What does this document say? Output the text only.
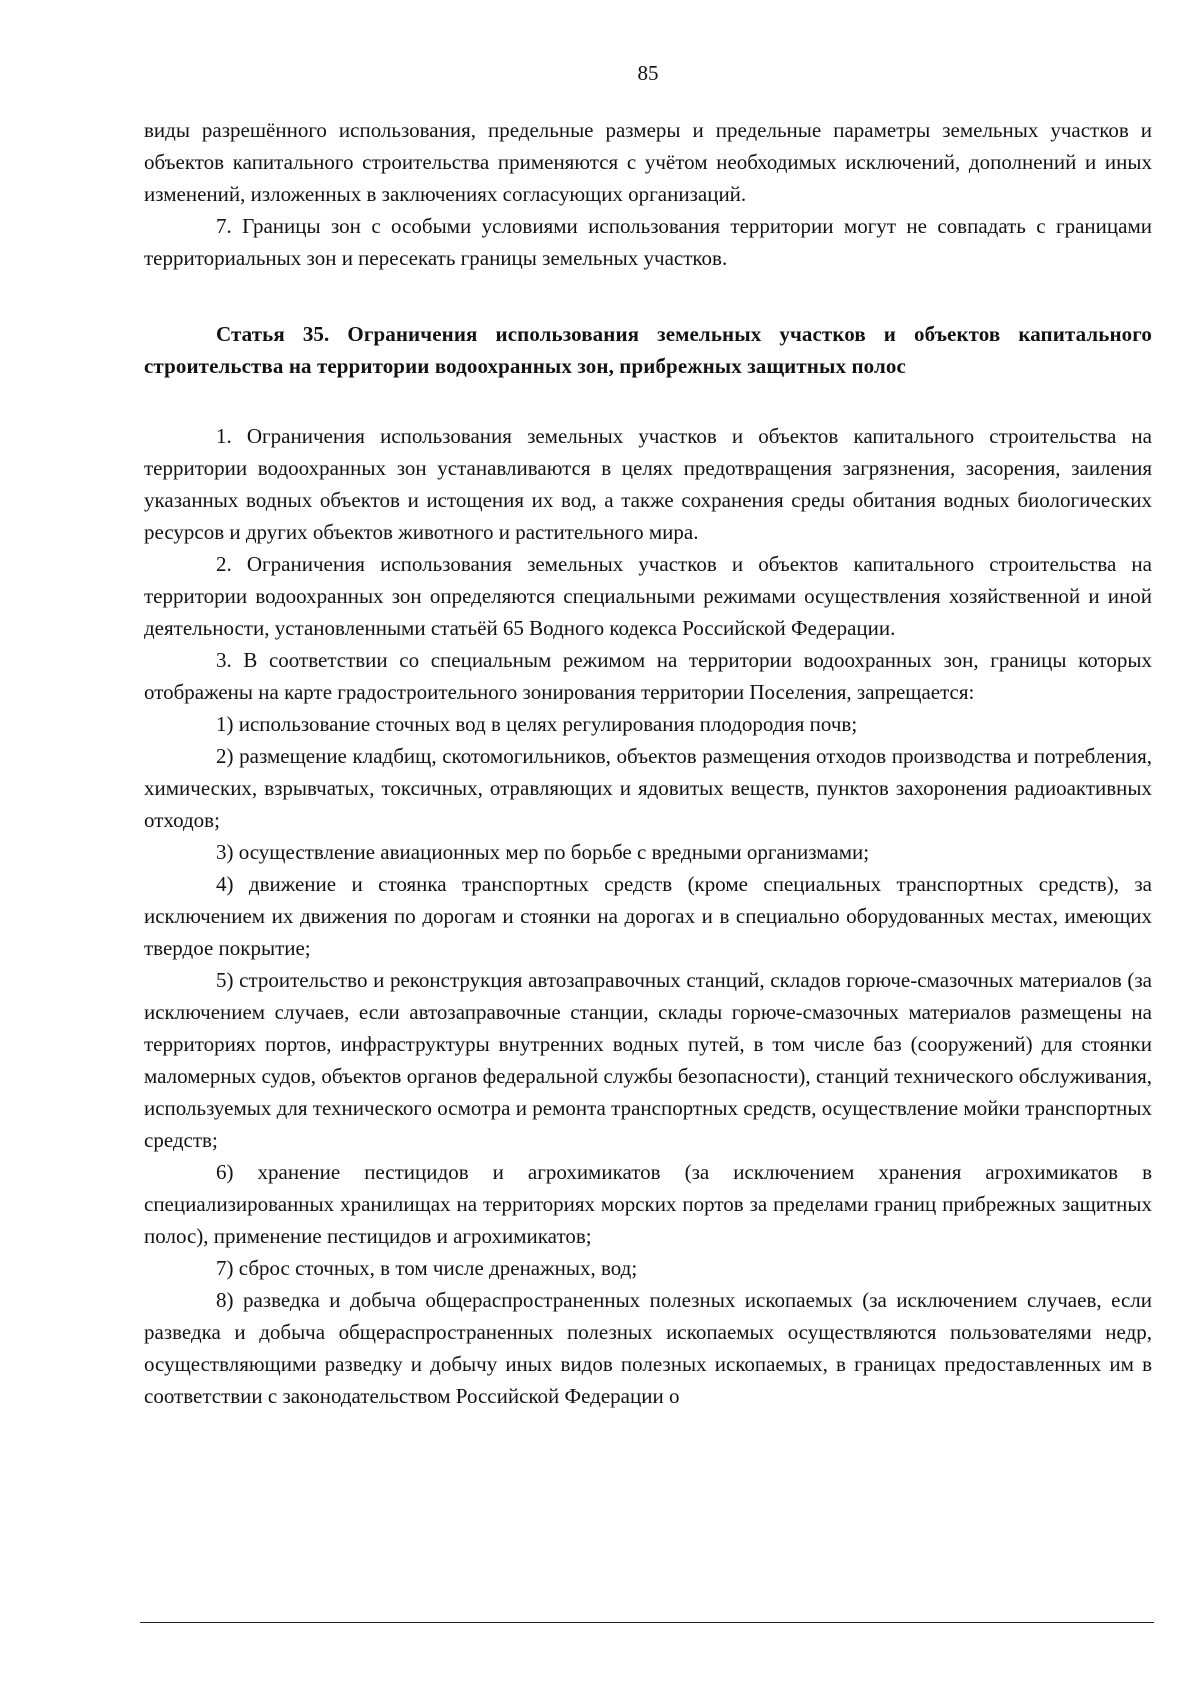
85

виды разрешённого использования, предельные размеры и предельные параметры земельных участков и объектов капитального строительства применяются с учётом необходимых исключений, дополнений и иных изменений, изложенных в заключениях согласующих организаций.

7. Границы зон с особыми условиями использования территории могут не совпадать с границами территориальных зон и пересекать границы земельных участков.

Статья 35. Ограничения использования земельных участков и объектов капитального строительства на территории водоохранных зон, прибрежных защитных полос

1. Ограничения использования земельных участков и объектов капитального строительства на территории водоохранных зон устанавливаются в целях предотвращения загрязнения, засорения, заиления указанных водных объектов и истощения их вод, а также сохранения среды обитания водных биологических ресурсов и других объектов животного и растительного мира.

2. Ограничения использования земельных участков и объектов капитального строительства на территории водоохранных зон определяются специальными режимами осуществления хозяйственной и иной деятельности, установленными статьёй 65 Водного кодекса Российской Федерации.

3. В соответствии со специальным режимом на территории водоохранных зон, границы которых отображены на карте градостроительного зонирования территории Поселения, запрещается:

1) использование сточных вод в целях регулирования плодородия почв;

2) размещение кладбищ, скотомогильников, объектов размещения отходов производства и потребления, химических, взрывчатых, токсичных, отравляющих и ядовитых веществ, пунктов захоронения радиоактивных отходов;

3) осуществление авиационных мер по борьбе с вредными организмами;

4) движение и стоянка транспортных средств (кроме специальных транспортных средств), за исключением их движения по дорогам и стоянки на дорогах и в специально оборудованных местах, имеющих твердое покрытие;

5) строительство и реконструкция автозаправочных станций, складов горюче-смазочных материалов (за исключением случаев, если автозаправочные станции, склады горюче-смазочных материалов размещены на территориях портов, инфраструктуры внутренних водных путей, в том числе баз (сооружений) для стоянки маломерных судов, объектов органов федеральной службы безопасности), станций технического обслуживания, используемых для технического осмотра и ремонта транспортных средств, осуществление мойки транспортных средств;

6) хранение пестицидов и агрохимикатов (за исключением хранения агрохимикатов в специализированных хранилищах на территориях морских портов за пределами границ прибрежных защитных полос), применение пестицидов и агрохимикатов;

7) сброс сточных, в том числе дренажных, вод;

8) разведка и добыча общераспространенных полезных ископаемых (за исключением случаев, если разведка и добыча общераспространенных полезных ископаемых осуществляются пользователями недр, осуществляющими разведку и добычу иных видов полезных ископаемых, в границах предоставленных им в соответствии с законодательством Российской Федерации о
